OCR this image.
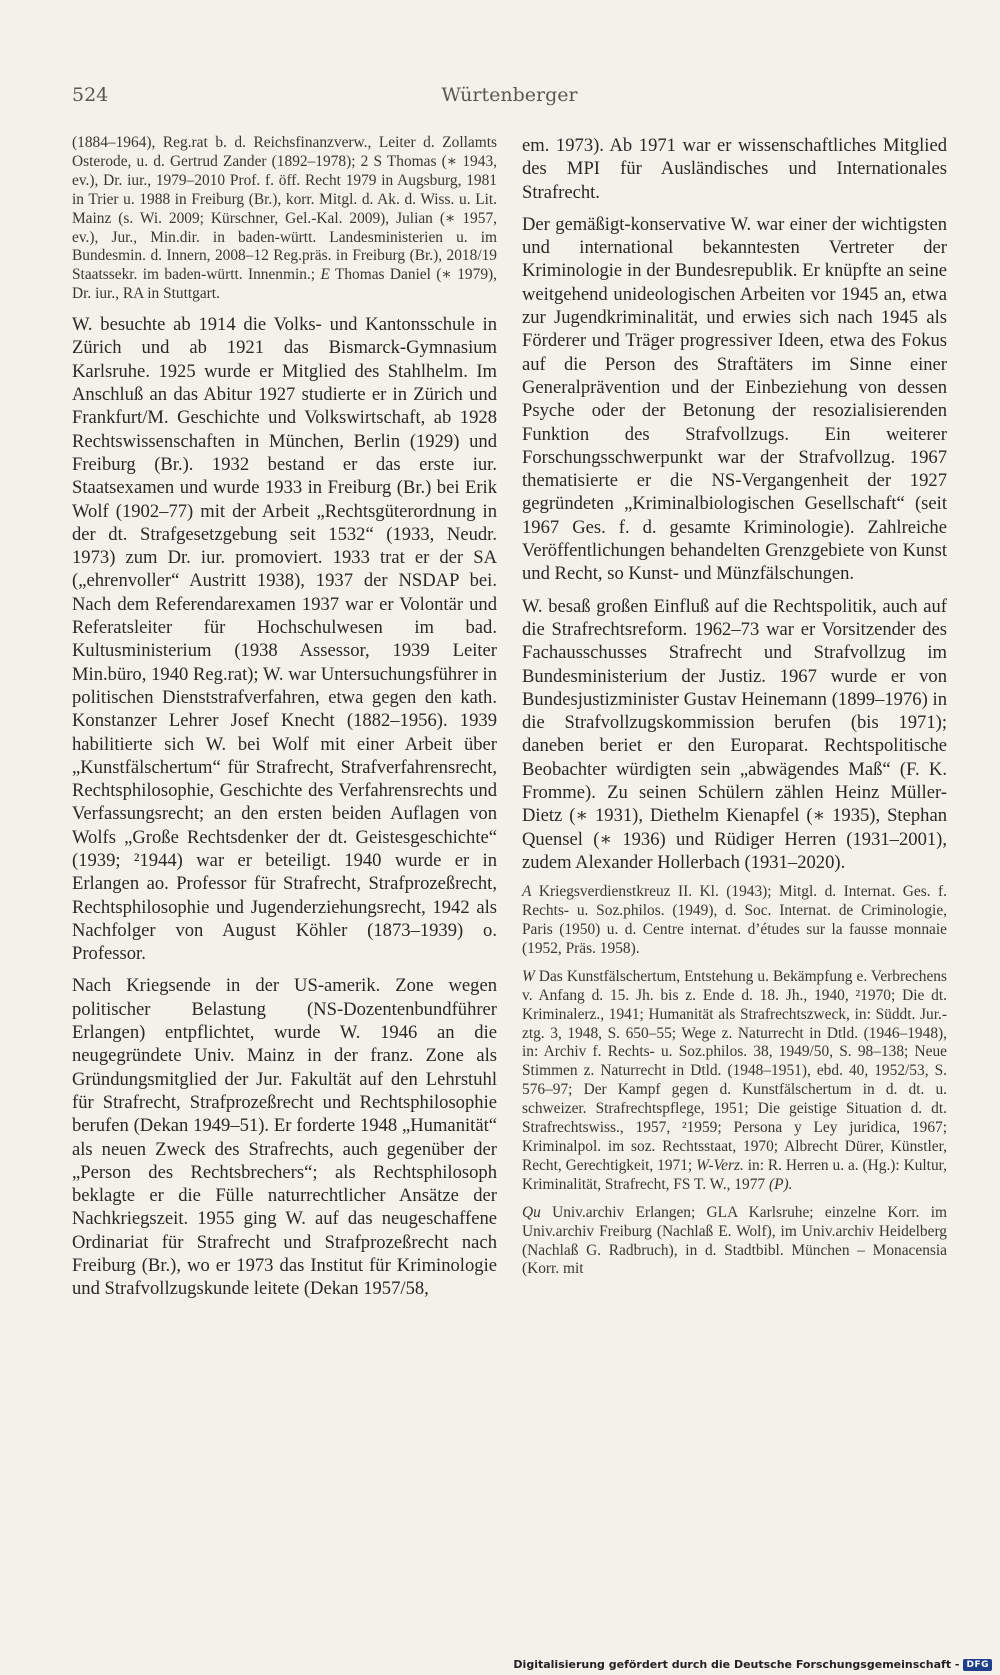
524	Würtenberger

(1884–1964), Reg.rat b. d. Reichsfinanzverw., Leiter d. Zollamts Osterode, u. d. Gertrud Zander (1892–1978); 2 S Thomas (∗ 1943, ev.), Dr. iur., 1979–2010 Prof. f. öff. Recht 1979 in Augsburg, 1981 in Trier u. 1988 in Freiburg (Br.), korr. Mitgl. d. Ak. d. Wiss. u. Lit. Mainz (s. Wi. 2009; Kürschner, Gel.-Kal. 2009), Julian (∗ 1957, ev.), Jur., Min.dir. in baden-württ. Landesministerien u. im Bundesmin. d. Innern, 2008–12 Reg.präs. in Freiburg (Br.), 2018/19 Staatssekr. im baden-württ. Innenmin.; E Thomas Daniel (∗ 1979), Dr. iur., RA in Stuttgart.

W. besuchte ab 1914 die Volks- und Kantonsschule in Zürich und ab 1921 das Bismarck-Gymnasium Karlsruhe. 1925 wurde er Mitglied des Stahlhelm. Im Anschluß an das Abitur 1927 studierte er in Zürich und Frankfurt/M. Geschichte und Volkswirtschaft, ab 1928 Rechtswissenschaften in München, Berlin (1929) und Freiburg (Br.). 1932 bestand er das erste iur. Staatsexamen und wurde 1933 in Freiburg (Br.) bei Erik Wolf (1902–77) mit der Arbeit „Rechtsgüterordnung in der dt. Strafgesetzgebung seit 1532“ (1933, Neudr. 1973) zum Dr. iur. promoviert. 1933 trat er der SA („ehrenvoller“ Austritt 1938), 1937 der NSDAP bei. Nach dem Referendarexamen 1937 war er Volontär und Referatsleiter für Hochschulwesen im bad. Kultusministerium (1938 Assessor, 1939 Leiter Min.büro, 1940 Reg.rat); W. war Untersuchungsführer in politischen Dienststrafverfahren, etwa gegen den kath. Konstanzer Lehrer Josef Knecht (1882–1956). 1939 habilitierte sich W. bei Wolf mit einer Arbeit über „Kunstfälschertum“ für Strafrecht, Strafverfahrensrecht, Rechtsphilosophie, Geschichte des Verfahrensrechts und Verfassungsrecht; an den ersten beiden Auflagen von Wolfs „Große Rechtsdenker der dt. Geistesgeschichte“ (1939; ²1944) war er beteiligt. 1940 wurde er in Erlangen ao. Professor für Strafrecht, Strafprozeßrecht, Rechtsphilosophie und Jugenderziehungsrecht, 1942 als Nachfolger von August Köhler (1873–1939) o. Professor.

Nach Kriegsende in der US-amerik. Zone wegen politischer Belastung (NS-Dozentenbundführer Erlangen) entpflichtet, wurde W. 1946 an die neugegründete Univ. Mainz in der franz. Zone als Gründungsmitglied der Jur. Fakultät auf den Lehrstuhl für Strafrecht, Strafprozeßrecht und Rechtsphilosophie berufen (Dekan 1949–51). Er forderte 1948 „Humanität“ als neuen Zweck des Strafrechts, auch gegenüber der „Person des Rechtsbrechers“; als Rechtsphilosoph beklagte er die Fülle naturrechtlicher Ansätze der Nachkriegszeit. 1955 ging W. auf das neugeschaffene Ordinariat für Strafrecht und Strafprozeßrecht nach Freiburg (Br.), wo er 1973 das Institut für Kriminologie und Strafvollzugskunde leitete (Dekan 1957/58,

em. 1973). Ab 1971 war er wissenschaftliches Mitglied des MPI für Ausländisches und Internationales Strafrecht.

Der gemäßigt-konservative W. war einer der wichtigsten und international bekanntesten Vertreter der Kriminologie in der Bundesrepublik. Er knüpfte an seine weitgehend unideologischen Arbeiten vor 1945 an, etwa zur Jugendkriminalität, und erwies sich nach 1945 als Förderer und Träger progressiver Ideen, etwa des Fokus auf die Person des Straftäters im Sinne einer Generalprävention und der Einbeziehung von dessen Psyche oder der Betonung der resozialisierenden Funktion des Strafvollzugs. Ein weiterer Forschungsschwerpunkt war der Strafvollzug. 1967 thematisierte er die NS-Vergangenheit der 1927 gegründeten „Kriminalbiologischen Gesellschaft“ (seit 1967 Ges. f. d. gesamte Kriminologie). Zahlreiche Veröffentlichungen behandelten Grenzgebiete von Kunst und Recht, so Kunst- und Münzfälschungen.

W. besaß großen Einfluß auf die Rechtspolitik, auch auf die Strafrechtsreform. 1962–73 war er Vorsitzender des Fachausschusses Strafrecht und Strafvollzug im Bundesministerium der Justiz. 1967 wurde er von Bundesjustizminister Gustav Heinemann (1899–1976) in die Strafvollzugskommission berufen (bis 1971); daneben beriet er den Europarat. Rechtspolitische Beobachter würdigten sein „abwägendes Maß“ (F. K. Fromme). Zu seinen Schülern zählen Heinz Müller-Dietz (∗ 1931), Diethelm Kienapfel (∗ 1935), Stephan Quensel (∗ 1936) und Rüdiger Herren (1931–2001), zudem Alexander Hollerbach (1931–2020).

A Kriegsverdienstkreuz II. Kl. (1943); Mitgl. d. Internat. Ges. f. Rechts- u. Soz.philos. (1949), d. Soc. Internat. de Criminologie, Paris (1950) u. d. Centre internat. d’études sur la fausse monnaie (1952, Präs. 1958).

W Das Kunstfälschertum, Entstehung u. Bekämpfung e. Verbrechens v. Anfang d. 15. Jh. bis z. Ende d. 18. Jh., 1940, ²1970; Die dt. Kriminalerz., 1941; Humanität als Strafrechtszweck, in: Süddt. Jur.-ztg. 3, 1948, S. 650–55; Wege z. Naturrecht in Dtld. (1946–1948), in: Archiv f. Rechts- u. Soz.philos. 38, 1949/50, S. 98–138; Neue Stimmen z. Naturrecht in Dtld. (1948–1951), ebd. 40, 1952/53, S. 576–97; Der Kampf gegen d. Kunstfälschertum in d. dt. u. schweizer. Strafrechtspflege, 1951; Die geistige Situation d. dt. Strafrechtswiss., 1957, ²1959; Persona y Ley juridica, 1967; Kriminalpol. im soz. Rechtsstaat, 1970; Albrecht Dürer, Künstler, Recht, Gerechtigkeit, 1971; W-Verz. in: R. Herren u. a. (Hg.): Kultur, Kriminalität, Strafrecht, FS T. W., 1977 (P).

Qu Univ.archiv Erlangen; GLA Karlsruhe; einzelne Korr. im Univ.archiv Freiburg (Nachlaß E. Wolf), im Univ.archiv Heidelberg (Nachlaß G. Radbruch), in d. Stadtbibl. München – Monacensia (Korr. mit

Digitalisierung gefördert durch die Deutsche Forschungsgemeinschaft - DFG
